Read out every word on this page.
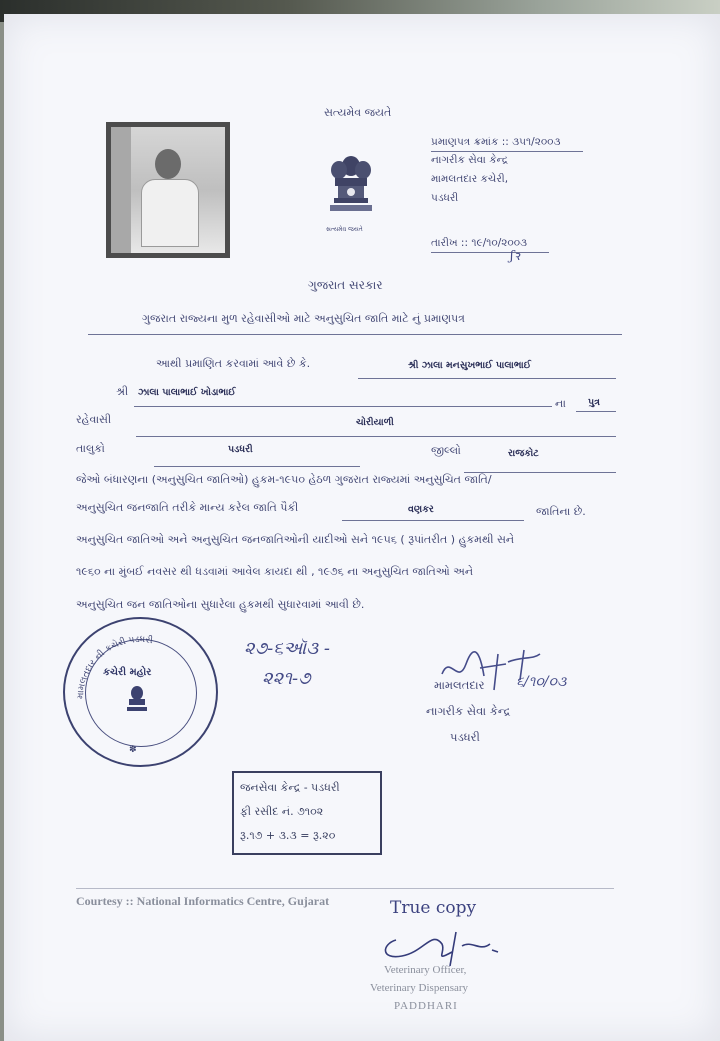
સત્યમેવ જયતે
સત્યમેવ જયતે
પ્રમાણપત્ર ક્રમાંક :: ૩૫૧/૨૦૦૩
નાગરીક સેવા કેન્દ્ર
મામલતદાર કચેરી,
પડધરી
તારીખ :: ૧૯/૧૦/૨૦૦૩
ʃꝛ
ગુજરાત સરકાર
ગુજરાત રાજ્યના મુળ રહેવાસીઓ માટે અનુસુચિત જાતિ માટે નું પ્રમાણપત્ર
આથી પ્રમાણિત કરવામાં આવે છે કે.	શ્રી ઝાલા મનસુખભાઈ પાલાભાઈ
શ્રી ઝાલા પાલાભાઈ ખોડાભાઈ
ના પુત્ર
રહેવાસી	ચોરીયાળી
તાલુકો	પડધરી	જીલ્લો	રાજકોટ
જેઓ બંધારણના (અનુસુચિત જાતિઓ) હુકમ-૧૯૫૦ હેઠળ ગુજરાત રાજ્યમાં અનુસુચિત જાતિ/
અનુસુચિત જનજાતિ તરીકે માન્ય કરેલ જાતિ પૈકી	વણકર	જાતિના છે.
અનુસુચિત જાતિઓ અને અનુસુચિત જનજાતિઓની યાદીઓ સને ૧૯૫૬ ( રૂપાંતરીત ) હુકમથી સને
૧૯૬૦ ના મુંબઈ નવસર થી ધડવામાં આવેલ કાયદા થી , ૧૯૭૬ ના અનુસુચિત જાતિઓ અને
અનુસુચિત જન જાતિઓના સુધારેલા હુકમથી સુધારવામાં આવી છે.
૨૭-૬ઑ૩ -
૨૨૧-૭
મામલતદાર ની કચેરી પડધરી
કચેરી મહોર
✽
મામલતદાર ૬/૧૦/૦૩
નાગરીક સેવા કેન્દ્ર
પડધરી
જનસેવા કેન્દ્ર - પડધરી
ફી રસીદ નં. ૭૧૦૨
રૂ.૧૭ + ૩.૩ = રૂ.૨૦
Courtesy :: National Informatics Centre, Gujarat	True copy
Veterinary Officer,
Veterinary Dispensary
PADDHARI
